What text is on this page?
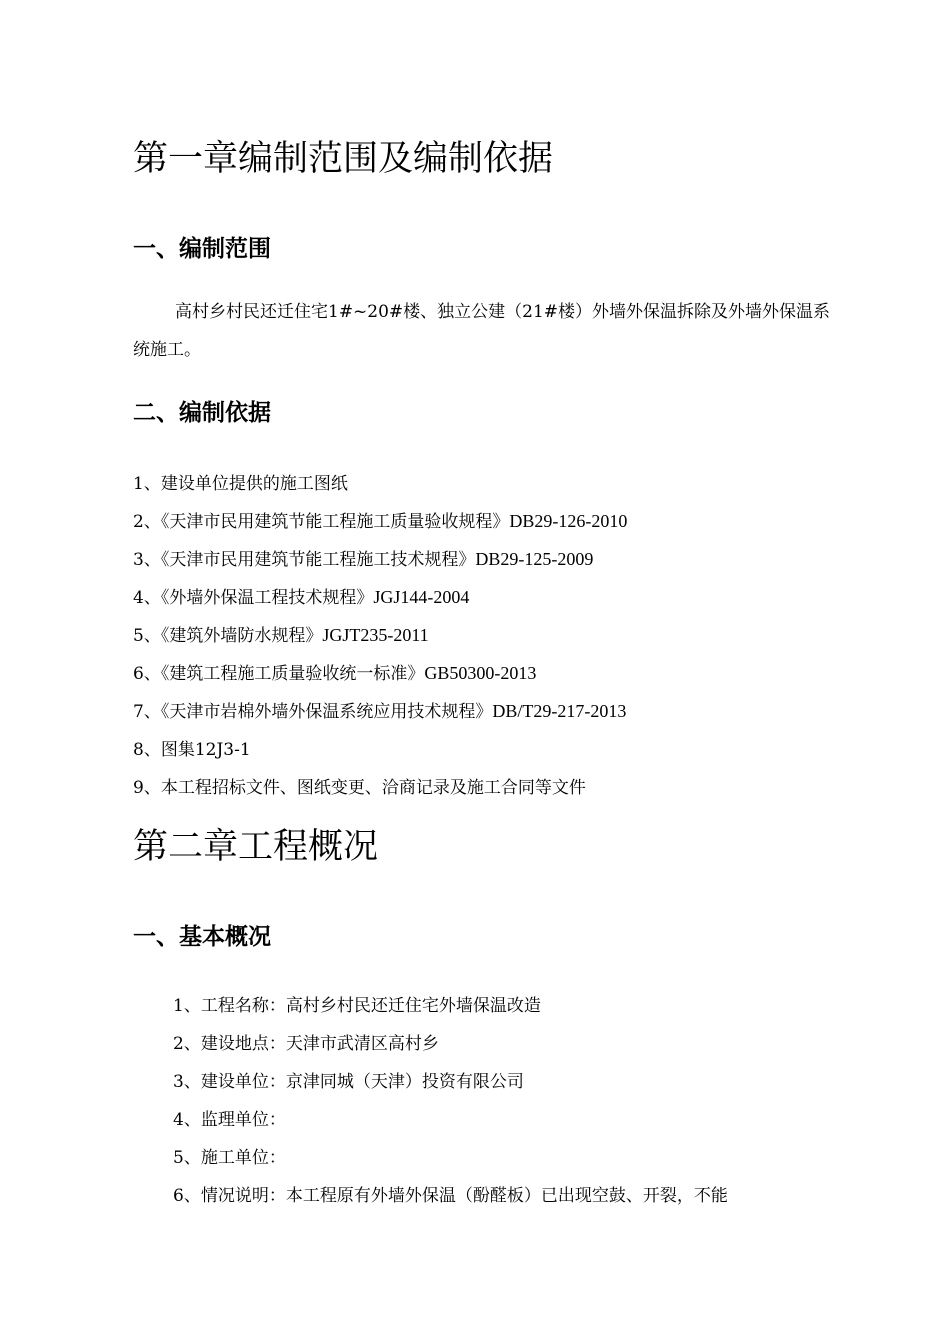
第一章编制范围及编制依据
一、编制范围

高村乡村民还迁住宅1#~20#楼、独立公建（21#楼）外墙外保温拆除及外墙外保温系统施工。

二、编制依据
1、建设单位提供的施工图纸
2、《天津市民用建筑节能工程施工质量验收规程》DB29-126-2010
3、《天津市民用建筑节能工程施工技术规程》DB29-125-2009
4、《外墙外保温工程技术规程》JGJ144-2004
5、《建筑外墙防水规程》JGJT235-2011
6、《建筑工程施工质量验收统一标准》GB50300-2013
7、《天津市岩棉外墙外保温系统应用技术规程》DB/T29-217-2013
8、图集12J3-1
9、本工程招标文件、图纸变更、洽商记录及施工合同等文件
第二章工程概况
一、基本概况
1、工程名称：高村乡村民还迁住宅外墙保温改造
2、建设地点：天津市武清区高村乡
3、建设单位：京津同城（天津）投资有限公司
4、监理单位：
5、施工单位：
6、情况说明：本工程原有外墙外保温（酚醛板）已出现空鼓、开裂，不能
